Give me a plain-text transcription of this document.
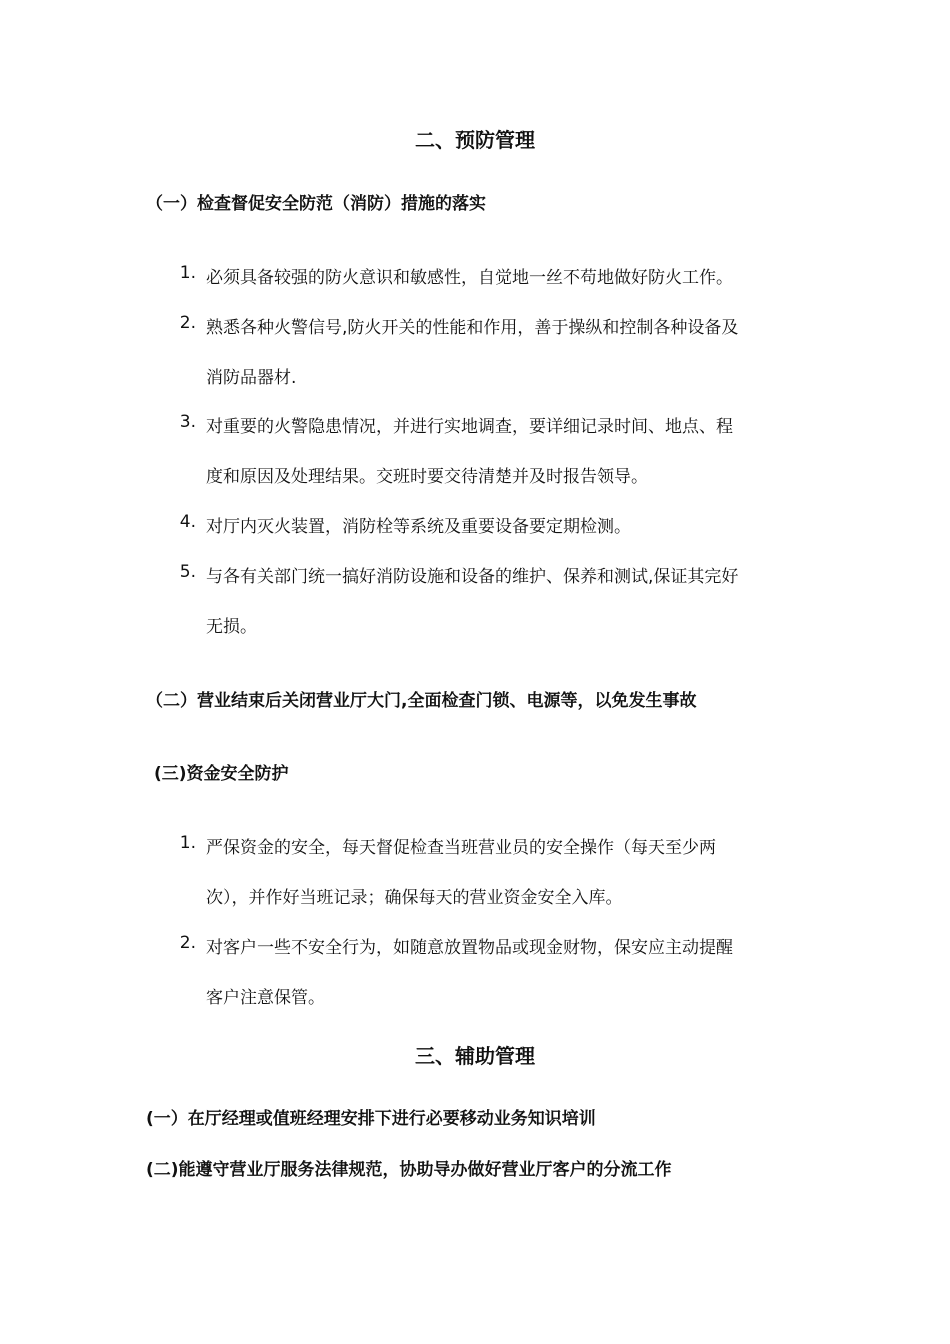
二、预防管理
（一）检查督促安全防范（消防）措施的落实
1. 必须具备较强的防火意识和敏感性，自觉地一丝不苟地做好防火工作。
2. 熟悉各种火警信号,防火开关的性能和作用，善于操纵和控制各种设备及
消防品器材.
3. 对重要的火警隐患情况，并进行实地调查，要详细记录时间、地点、程
度和原因及处理结果。交班时要交待清楚并及时报告领导。
4. 对厅内灭火装置，消防栓等系统及重要设备要定期检测。
5. 与各有关部门统一搞好消防设施和设备的维护、保养和测试,保证其完好
无损。
（二）营业结束后关闭营业厅大门,全面检查门锁、电源等，以免发生事故
(三)资金安全防护
1. 严保资金的安全，每天督促检查当班营业员的安全操作（每天至少两
次），并作好当班记录；确保每天的营业资金安全入库。
2. 对客户一些不安全行为，如随意放置物品或现金财物，保安应主动提醒
客户注意保管。
三、辅助管理
(一）在厅经理或值班经理安排下进行必要移动业务知识培训
(二)能遵守营业厅服务法律规范，协助导办做好营业厅客户的分流工作
